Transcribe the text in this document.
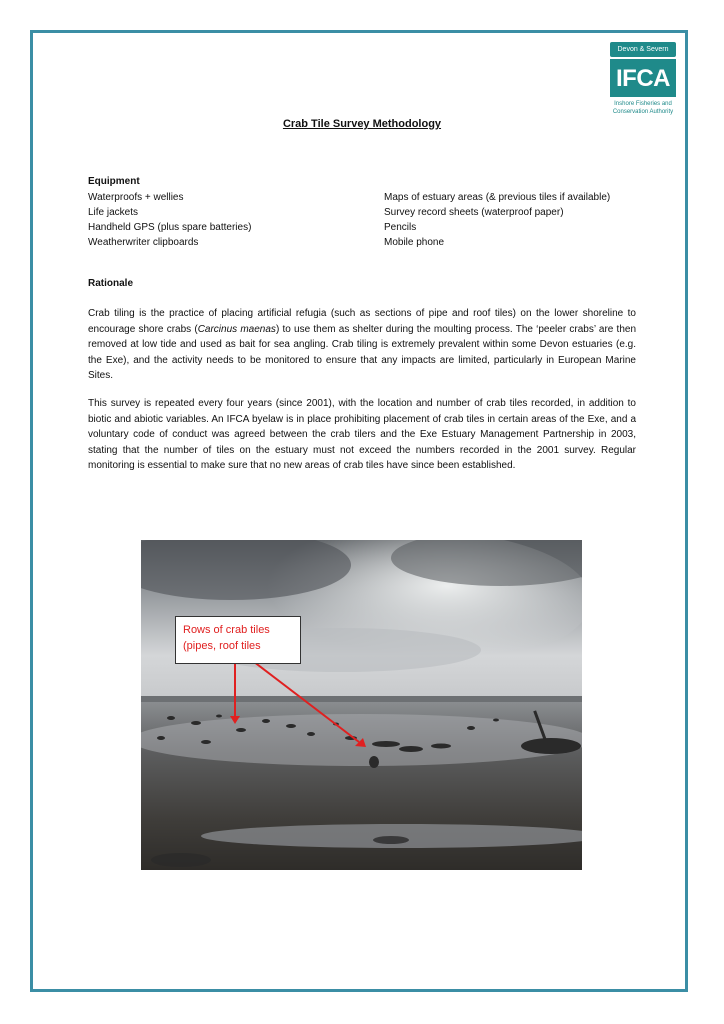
Devon & Severn
IFCA
Inshore Fisheries and Conservation Authority
Crab Tile Survey Methodology
Equipment
Waterproofs + wellies
Life jackets
Handheld GPS (plus spare batteries)
Weatherwriter clipboards
Maps of estuary areas (& previous tiles if available)
Survey record sheets (waterproof paper)
Pencils
Mobile phone
Rationale
Crab tiling is the practice of placing artificial refugia (such as sections of pipe and roof tiles) on the lower shoreline to encourage shore crabs (Carcinus maenas) to use them as shelter during the moulting process. The ‘peeler crabs’ are then removed at low tide and used as bait for sea angling. Crab tiling is extremely prevalent within some Devon estuaries (e.g. the Exe), and the activity needs to be monitored to ensure that any impacts are limited, particularly in European Marine Sites.
This survey is repeated every four years (since 2001), with the location and number of crab tiles recorded, in addition to biotic and abiotic variables. An IFCA byelaw is in place prohibiting placement of crab tiles in certain areas of the Exe, and a voluntary code of conduct was agreed between the crab tilers and the Exe Estuary Management Partnership in 2003, stating that the number of tiles on the estuary must not exceed the numbers recorded in the 2001 survey. Regular monitoring is essential to make sure that no new areas of crab tiles have since been established.
Rows of crab tiles
(pipes, roof tiles
